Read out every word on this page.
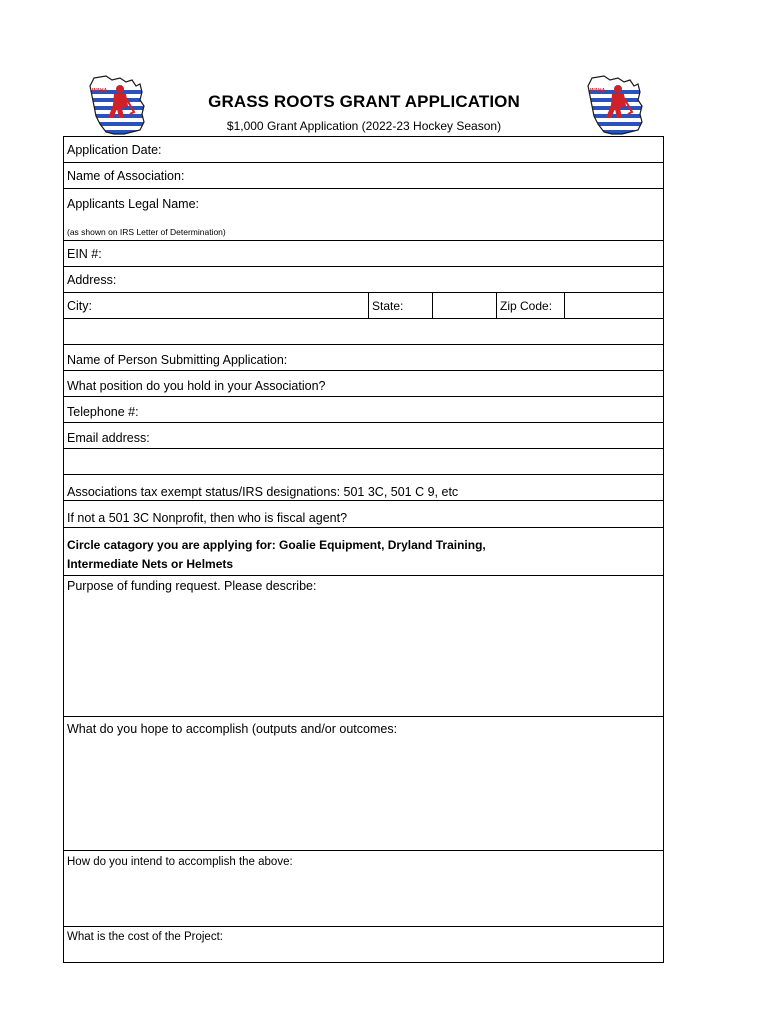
WAHA	WAHA
GRASS ROOTS GRANT APPLICATION
$1,000 Grant Application (2022-23 Hockey Season)
Application Date:
Name of Association:
Applicants Legal Name:
(as shown on IRS Letter of Determination)
EIN #:
Address:
City:	State:	Zip Code:
Name of Person Submitting Application:
What position do you hold in your Association?
Telephone #:
Email address:
Associations tax exempt status/IRS designations: 501 3C, 501 C 9, etc
If not a 501 3C Nonprofit, then who is fiscal agent?
Circle catagory you are applying for: Goalie Equipment, Dryland Training,
Intermediate Nets or Helmets
Purpose of funding request. Please describe:
What do you hope to accomplish (outputs and/or outcomes:
How do you intend to accomplish the above:
What is the cost of the Project:
